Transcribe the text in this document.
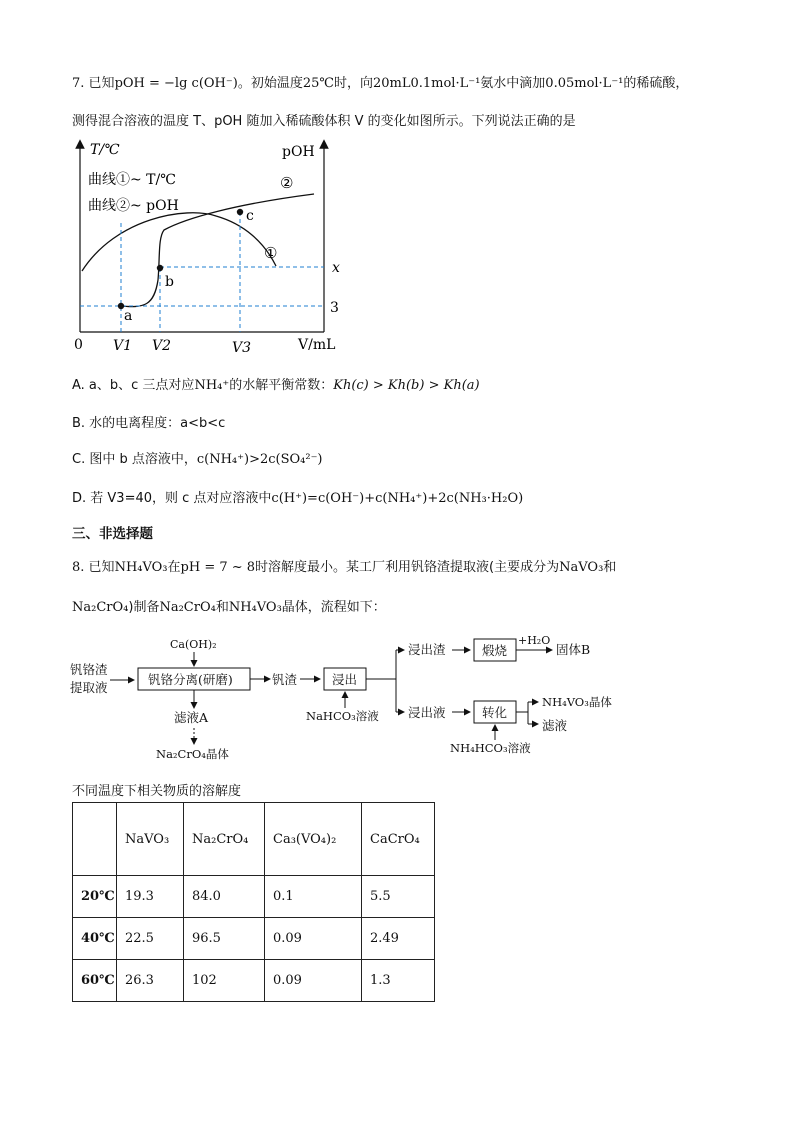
7. 已知pOH = −lg c(OH⁻)。初始温度25℃时，向20mL0.1mol·L⁻¹氨水中滴加0.05mol·L⁻¹的稀硫酸，
测得混合溶液的温度 T、pOH 随加入稀硫酸体积 V 的变化如图所示。下列说法正确的是
T/℃	pOH
曲线①~ T/℃
曲线②~ pOH
②
①
a
b
c
x
3
0 V1 V2	V3	V/mL
A. a、b、c 三点对应NH₄⁺的水解平衡常数：Kh(c) > Kh(b) > Kh(a)
B. 水的电离程度：a<b<c
C. 图中 b 点溶液中，c(NH₄⁺)>2c(SO₄²⁻)
D. 若 V3=40，则 c 点对应溶液中c(H⁺)=c(OH⁻)+c(NH₄⁺)+2c(NH₃·H₂O)
三、非选择题
8. 已知NH₄VO₃在pH = 7 ~ 8时溶解度最小。某工厂利用钒铬渣提取液(主要成分为NaVO₃和
Na₂CrO₄)制备Na₂CrO₄和NH₄VO₃晶体，流程如下：
钒铬渣
提取液
钒铬分离(研磨)
Ca(OH)₂
滤液A
Na₂CrO₄晶体
钒渣	浸出
NaHCO₃溶液
浸出渣
浸出液
煅烧
+H₂O
固体B
转化
NH₄HCO₃溶液
NH₄VO₃晶体
滤液
不同温度下相关物质的溶解度
	NaVO₃	Na₂CrO₄	Ca₃(VO₄)₂	CaCrO₄
20℃	19.3	84.0	0.1	5.5
40℃	22.5	96.5	0.09	2.49
60℃	26.3	102	0.09	1.3
